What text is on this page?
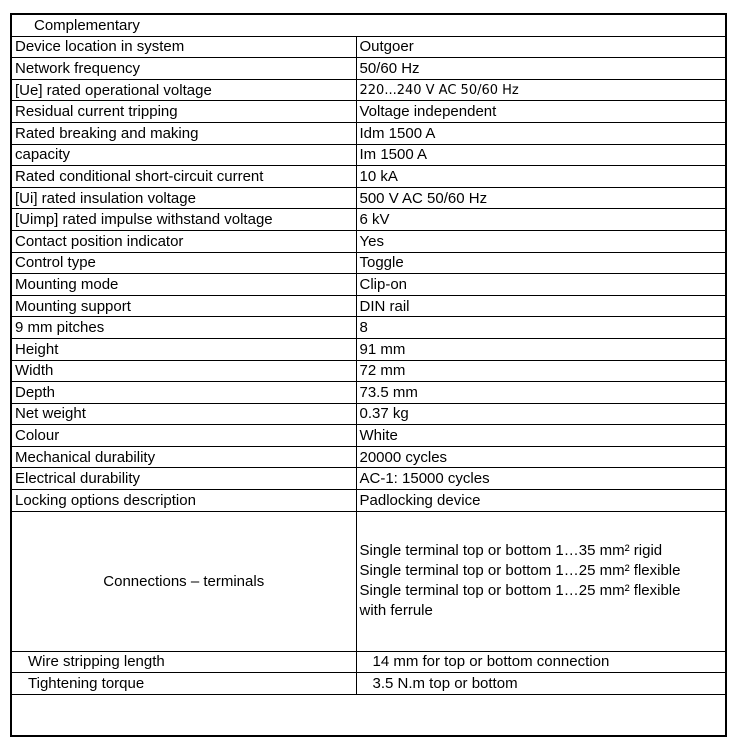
Complementary	
Device location in system	Outgoer
Network frequency	50/60 Hz
[Ue] rated operational voltage	220...240 V AC 50/60 Hz
Residual current tripping	Voltage independent
Rated breaking and making	Idm 1500 A
capacity	Im 1500 A
Rated conditional short-circuit current	10 kA
[Ui] rated insulation voltage	500 V AC 50/60 Hz
[Uimp] rated impulse withstand voltage	6 kV
Contact position indicator	Yes
Control type	Toggle
Mounting mode	Clip-on
Mounting support	DIN rail
9 mm pitches	8
Height	91 mm
Width	72 mm
Depth	73.5 mm
Net weight	0.37 kg
Colour	White
Mechanical durability	20000 cycles
Electrical durability	AC-1: 15000 cycles
Locking options description	Padlocking device
Connections – terminals	Single terminal top or bottom 1…35 mm² rigid
Single terminal top or bottom 1…25 mm² flexible
Single terminal top or bottom 1…25 mm² flexible
with ferrule

Wire stripping length	14 mm for top or bottom connection
Tightening torque	3.5 N.m top or bottom
